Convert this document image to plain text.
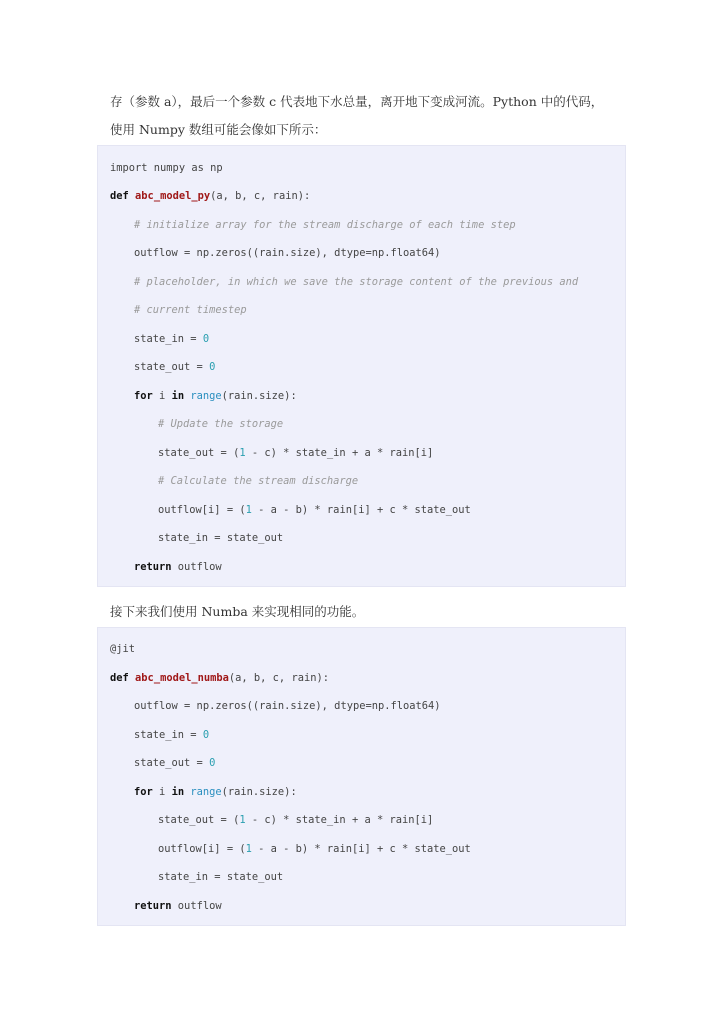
存（参数 a），最后一个参数 c 代表地下水总量，离开地下变成河流。Python 中的代码，
使用 Numpy 数组可能会像如下所示：
import numpy as np
def abc_model_py(a, b, c, rain):
# initialize array for the stream discharge of each time step
outflow = np.zeros((rain.size), dtype=np.float64)
# placeholder, in which we save the storage content of the previous and
# current timestep
state_in = 0
state_out = 0
for i in range(rain.size):
# Update the storage
state_out = (1 - c) * state_in + a * rain[i]
# Calculate the stream discharge
outflow[i] = (1 - a - b) * rain[i] + c * state_out
state_in = state_out
return outflow
接下来我们使用 Numba 来实现相同的功能。
@jit
def abc_model_numba(a, b, c, rain):
outflow = np.zeros((rain.size), dtype=np.float64)
state_in = 0
state_out = 0
for i in range(rain.size):
state_out = (1 - c) * state_in + a * rain[i]
outflow[i] = (1 - a - b) * rain[i] + c * state_out
state_in = state_out
return outflow
